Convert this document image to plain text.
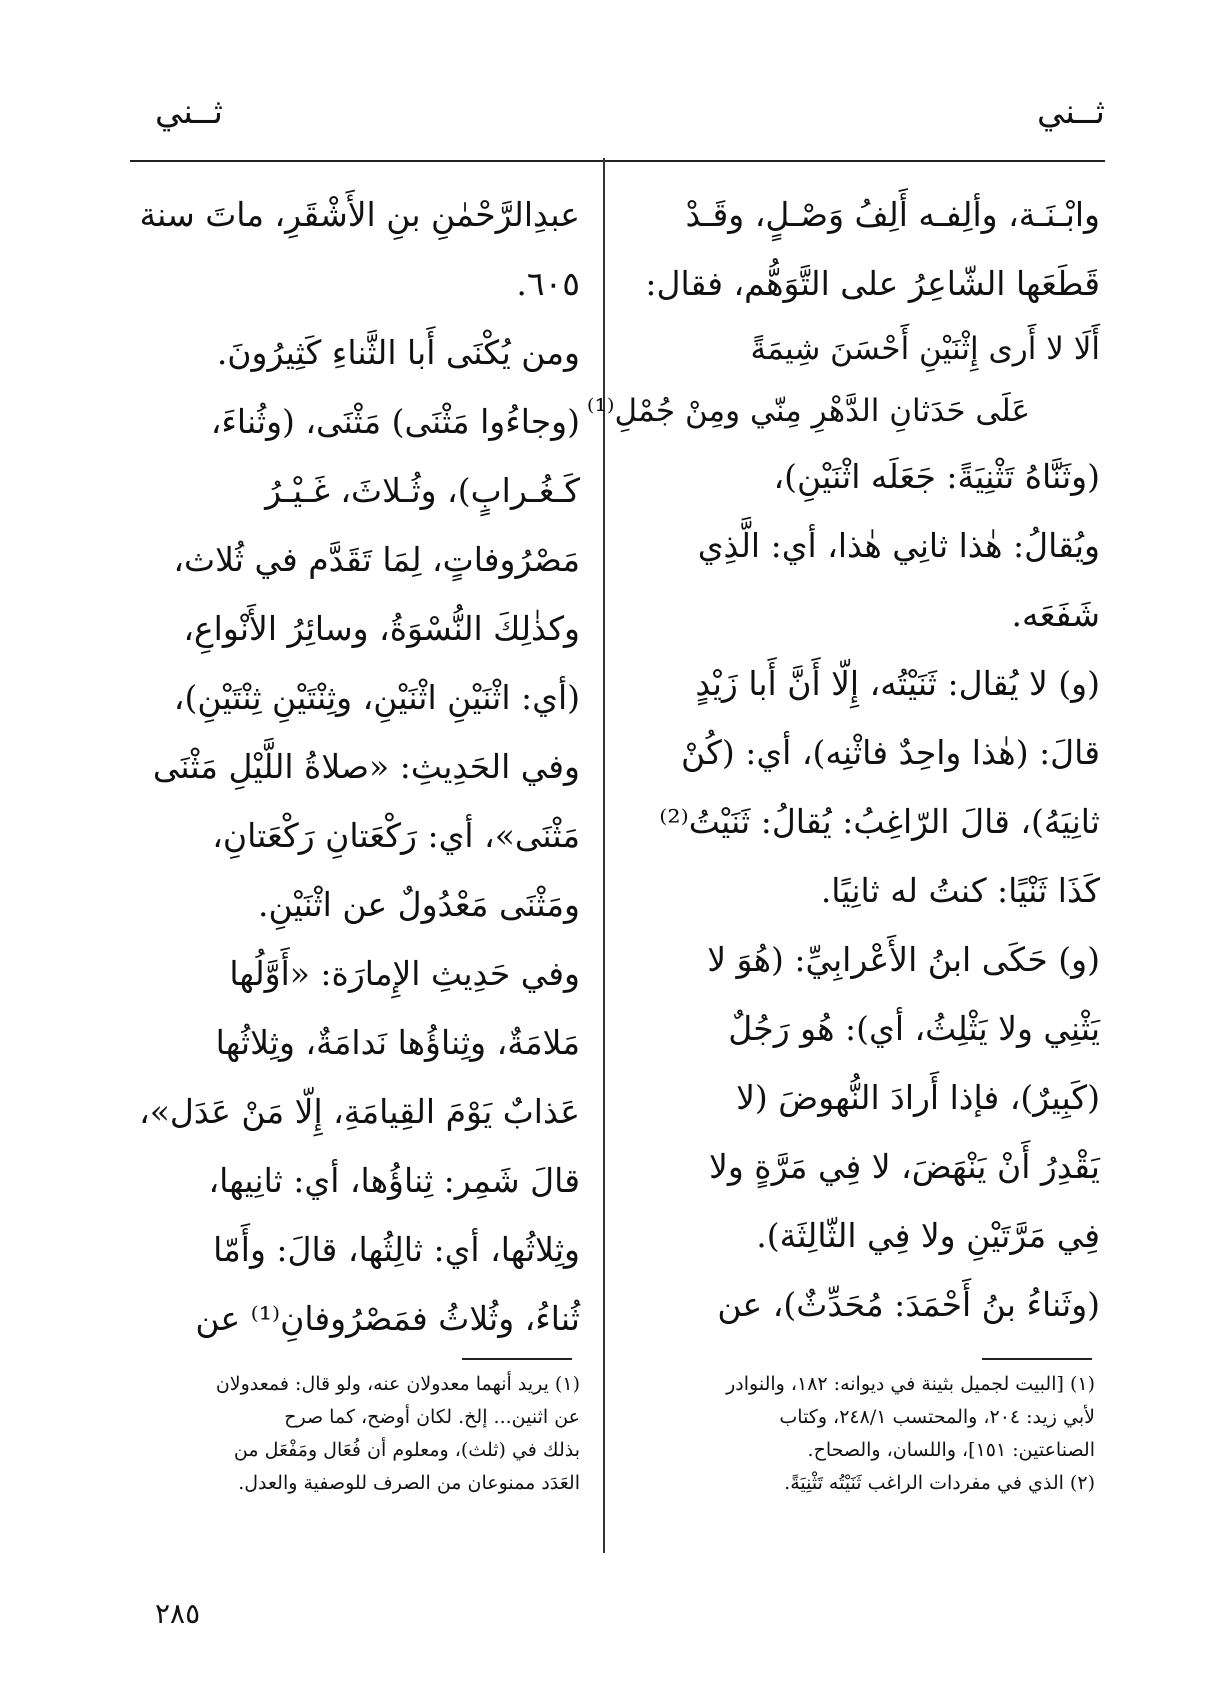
ثــني
ثــني
وابْـنَـة، وألِفـه أَلِفُ وَصْـلٍ، وقَـدْ
قَطَعَها الشّاعِرُ على التَّوَهُّم، فقال:
أَلَا لا أَرى إِثْنَيْنِ أَحْسَنَ شِيمَةً
عَلَى حَدَثانِ الدَّهْرِ مِنّي ومِنْ جُمْلِ⁽¹⁾
(وثَنَّاهُ تَثْنِيَةً: جَعَلَه اثْنَيْنِ)،
ويُقالُ: هٰذا ثانِي هٰذا، أي: الَّذِي
شَفَعَه.
(و) لا يُقال: ثَنَيْتُه، إِلّا أَنَّ أَبا زَيْدٍ
قالَ: (هٰذا واحِدٌ فاثْنِه)، أي: (كُنْ
ثانِيَهُ)، قالَ الرّاغِبُ: يُقالُ: ثَنَيْتُ⁽²⁾
كَذَا ثَنْيًا: كنتُ له ثانِيًا.
(و) حَكَى ابنُ الأَعْرابِيِّ: (هُوَ لا
يَثْنِي ولا يَثْلِثُ، أي): هُو رَجُلٌ
(كَبِيرٌ)، فإذا أَرادَ النُّهوضَ (لا
يَقْدِرُ أَنْ يَنْهَضَ، لا فِي مَرَّةٍ ولا
فِي مَرَّتَيْنِ ولا فِي الثّالِثَة).
(وثَناءُ بنُ أَحْمَدَ: مُحَدِّثٌ)، عن
عبدِالرَّحْمٰنِ بنِ الأَشْقَرِ، ماتَ سنة
٦٠٥.
ومن يُكْنَى أَبا الثَّناءِ كَثِيرُونَ.
(وجاءُوا مَثْنَى) مَثْنَى، (وثُناءَ،
كَـغُـرابٍ)، وثُـلاثَ، غَـيْـرُ
مَصْرُوفاتٍ، لِمَا تَقَدَّم في ثُلاث،
وكذٰلِكَ النُّسْوَةُ، وسائِرُ الأَنْواعِ،
(أي: اثْنَيْنِ اثْنَيْنِ، وثِنْتَيْنِ ثِنْتَيْنِ)،
وفي الحَدِيثِ: «صلاةُ اللَّيْلِ مَثْنَى
مَثْنَى»، أي: رَكْعَتانِ رَكْعَتانِ،
ومَثْنَى مَعْدُولٌ عن اثْنَيْنِ.
وفي حَدِيثِ الإِمارَة: «أَوَّلُها
مَلامَةٌ، وثِناؤُها نَدامَةٌ، وثِلاثُها
عَذابٌ يَوْمَ القِيامَةِ، إِلّا مَنْ عَدَل»،
قالَ شَمِر: ثِناؤُها، أي: ثانِيها،
وثِلاثُها، أي: ثالِثُها، قالَ: وأَمّا
ثُناءُ، وثُلاثُ فمَصْرُوفانِ⁽¹⁾ عن
(١) [البيت لجميل بثينة في ديوانه: ١٨٢، والنوادر
لأبي زيد: ٢٠٤، والمحتسب ٢٤٨/١، وكتاب
الصناعتين: ١٥١]، واللسان، والصحاح.
(٢) الذي في مفردات الراغب ثَنَيْتُه تَثْنِيَةً.
(١) يريد أنهما معدولان عنه، ولو قال: فمعدولان
عن اثنين... إلخ. لكان أوضح، كما صرح
بذلك في (ثلث)، ومعلوم أن فُعَال ومَفْعَل من
العَدَد ممنوعان من الصرف للوصفية والعدل.
٢٨٥
